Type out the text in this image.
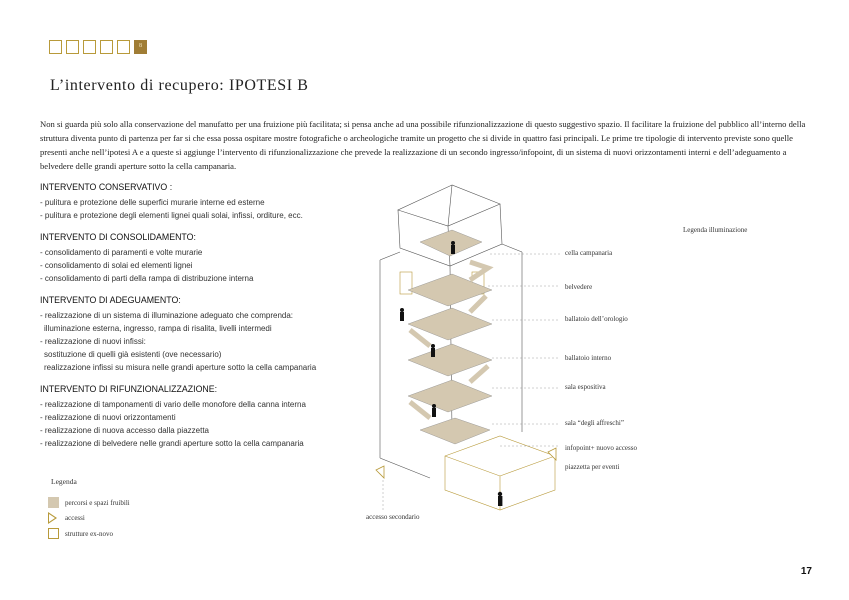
8
L’intervento di recupero: IPOTESI B
Non si guarda più solo alla conservazione del manufatto per una fruizione più facilitata; si pensa anche ad una possibile rifunzionalizzazione di questo suggestivo spazio. Il facilitare la fruizione del pubblico all’interno della struttura diventa punto di partenza per far si che essa possa ospitare mostre fotografiche o archeologiche tramite un progetto che si divide in quattro fasi principali. Le prime tre tipologie di intervento previste sono quelle presenti anche nell’ipotesi A e a queste si aggiunge l’intervento di rifunzionalizzazione che prevede la realizzazione di un secondo ingresso/infopoint, di un sistema di nuovi orizzontamenti interni e dell’adeguamento a belvedere delle grandi aperture sotto la cella campanaria.
INTERVENTO CONSERVATIVO :
- pulitura e protezione delle superfici murarie interne ed esterne
- pulitura e protezione degli elementi lignei quali solai, infissi, orditure, ecc.
INTERVENTO DI CONSOLIDAMENTO:
- consolidamento di paramenti e volte murarie
- consolidamento di solai ed elementi lignei
- consolidamento di parti della rampa di distribuzione interna
INTERVENTO DI ADEGUAMENTO:
- realizzazione di un sistema di illuminazione adeguato che comprenda:
illuminazione esterna, ingresso, rampa di risalita, livelli intermedi
- realizzazione di nuovi infissi:
sostituzione di quelli già esistenti (ove necessario)
realizzazione infissi su misura nelle grandi aperture sotto la cella campanaria
INTERVENTO DI RIFUNZIONALIZZAZIONE:
- realizzazione di tamponamenti di vario delle monofore della canna interna
- realizzazione di nuovi orizzontamenti
- realizzazione di nuova accesso dalla piazzetta
- realizzazione di belvedere nelle grandi aperture sotto la cella campanaria
Legenda
percorsi e spazi fruibili
accessi
strutture ex-novo
Legenda illuminazione
cella campanaria
belvedere
ballatoio dell’orologio
ballatoio interno
sala espositiva
sala “degli affreschi”
infopoint+ nuovo accesso
piazzetta per eventi
accesso secondario
17
